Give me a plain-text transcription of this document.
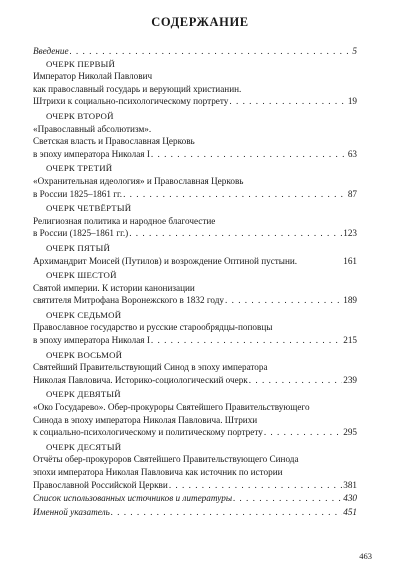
СОДЕРЖАНИЕ
Введение . . .	5
ОЧЕРК ПЕРВЫЙ
Император Николай Павлович
как православный государь и верующий христианин.
Штрихи к социально-психологическому портрету . . .	19
ОЧЕРК ВТОРОЙ
«Православный абсолютизм».
Светская власть и Православная Церковь
в эпоху императора Николая I . . .	63
ОЧЕРК ТРЕТИЙ
«Охранительная идеология» и Православная Церковь
в России 1825–1861 гг. . . .	87
ОЧЕРК ЧЕТВЁРТЫЙ
Религиозная политика и народное благочестие
в России (1825–1861 гг.) . . .	123
ОЧЕРК ПЯТЫЙ
Архимандрит Моисей (Путилов) и возрождение Оптиной пустыни.	161
ОЧЕРК ШЕСТОЙ
Святой империи. К истории канонизации
святителя Митрофана Воронежского в 1832 году . . .	189
ОЧЕРК СЕДЬМОЙ
Православное государство и русские старообрядцы-поповцы
в эпоху императора Николая I . . .	215
ОЧЕРК ВОСЬМОЙ
Святейший Правительствующий Синод в эпоху императора
Николая Павловича. Историко-социологический очерк . . .	239
ОЧЕРК ДЕВЯТЫЙ
«Око Государево». Обер-прокуроры Святейшего Правительствующего
Синода в эпоху императора Николая Павловича. Штрихи
к социально-психологическому и политическому портрету . . .	295
ОЧЕРК ДЕСЯТЫЙ
Отчёты обер-прокуроров Святейшего Правительствующего Синода
эпохи императора Николая Павловича как источник по истории
Православной Российской Церкви . . .	381
Список использованных источников и литературы . . .	430
Именной указатель . . .	451
463
